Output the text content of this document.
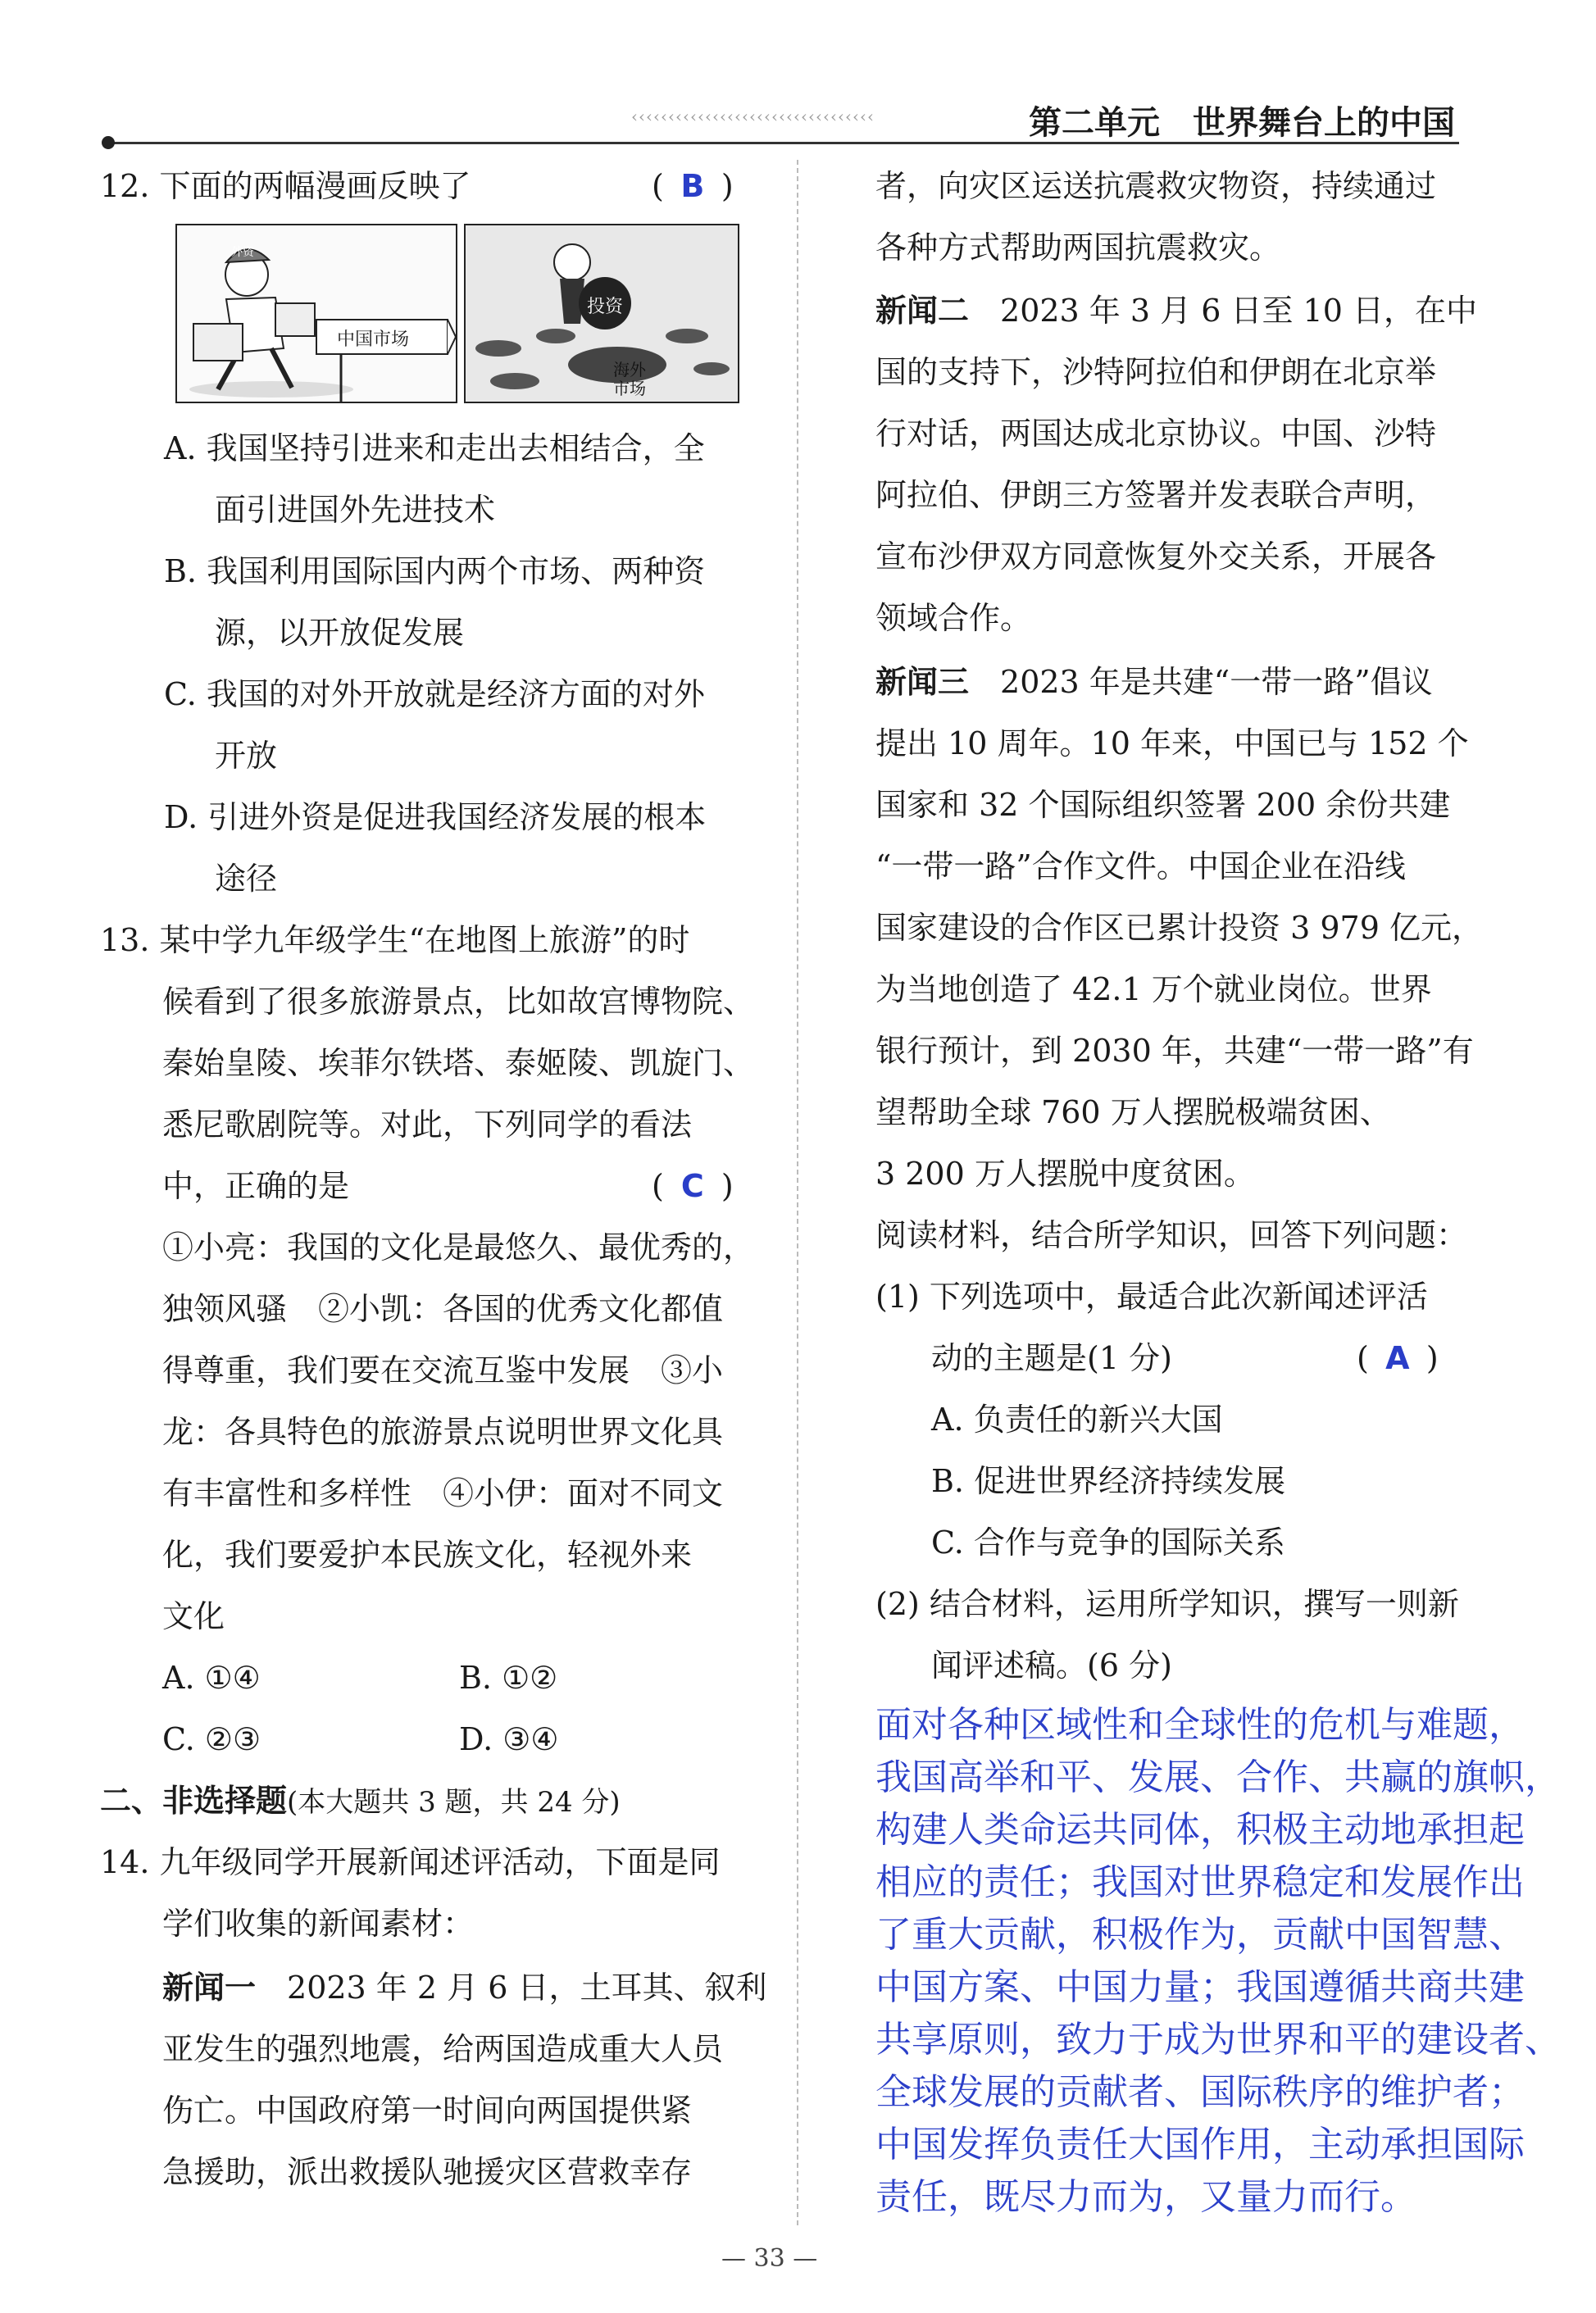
‹‹‹‹‹‹‹‹‹‹‹‹‹‹‹‹‹‹‹‹‹‹‹‹‹‹‹‹‹‹‹‹‹	第二单元 世界舞台上的中国
12. 下面的两幅漫画反映了	( B )
中国市场
外资
投资
海外
市场
A. 我国坚持引进来和走出去相结合，全
面引进国外先进技术
B. 我国利用国际国内两个市场、两种资
源，以开放促发展
C. 我国的对外开放就是经济方面的对外
开放
D. 引进外资是促进我国经济发展的根本
途径
13. 某中学九年级学生“在地图上旅游”的时
候看到了很多旅游景点，比如故宫博物院、
秦始皇陵、埃菲尔铁塔、泰姬陵、凯旋门、
悉尼歌剧院等。对此，下列同学的看法
中，正确的是	( C )
①小亮：我国的文化是最悠久、最优秀的，
独领风骚　②小凯：各国的优秀文化都值
得尊重，我们要在交流互鉴中发展　③小
龙：各具特色的旅游景点说明世界文化具
有丰富性和多样性　④小伊：面对不同文
化，我们要爱护本民族文化，轻视外来
文化
A. ①④	B. ①②
C. ②③	D. ③④
二、非选择题(本大题共 3 题，共 24 分)
14. 九年级同学开展新闻述评活动，下面是同
学们收集的新闻素材：
新闻一　2023 年 2 月 6 日，土耳其、叙利
亚发生的强烈地震，给两国造成重大人员
伤亡。中国政府第一时间向两国提供紧
急援助，派出救援队驰援灾区营救幸存
者，向灾区运送抗震救灾物资，持续通过
各种方式帮助两国抗震救灾。
新闻二　2023 年 3 月 6 日至 10 日，在中
国的支持下，沙特阿拉伯和伊朗在北京举
行对话，两国达成北京协议。中国、沙特
阿拉伯、伊朗三方签署并发表联合声明，
宣布沙伊双方同意恢复外交关系，开展各
领域合作。
新闻三　2023 年是共建“一带一路”倡议
提出 10 周年。10 年来，中国已与 152 个
国家和 32 个国际组织签署 200 余份共建
“一带一路”合作文件。中国企业在沿线
国家建设的合作区已累计投资 3 979 亿元，
为当地创造了 42.1 万个就业岗位。世界
银行预计，到 2030 年，共建“一带一路”有
望帮助全球 760 万人摆脱极端贫困、
3 200 万人摆脱中度贫困。
阅读材料，结合所学知识，回答下列问题：
(1) 下列选项中，最适合此次新闻述评活
动的主题是(1 分)	( A )
A. 负责任的新兴大国
B. 促进世界经济持续发展
C. 合作与竞争的国际关系
(2) 结合材料，运用所学知识，撰写一则新
闻评述稿。(6 分)
面对各种区域性和全球性的危机与难题，
我国高举和平、发展、合作、共赢的旗帜，
构建人类命运共同体，积极主动地承担起
相应的责任；我国对世界稳定和发展作出
了重大贡献，积极作为，贡献中国智慧、
中国方案、中国力量；我国遵循共商共建
共享原则，致力于成为世界和平的建设者、
全球发展的贡献者、国际秩序的维护者；
中国发挥负责任大国作用，主动承担国际
责任，既尽力而为，又量力而行。
— 33 —
